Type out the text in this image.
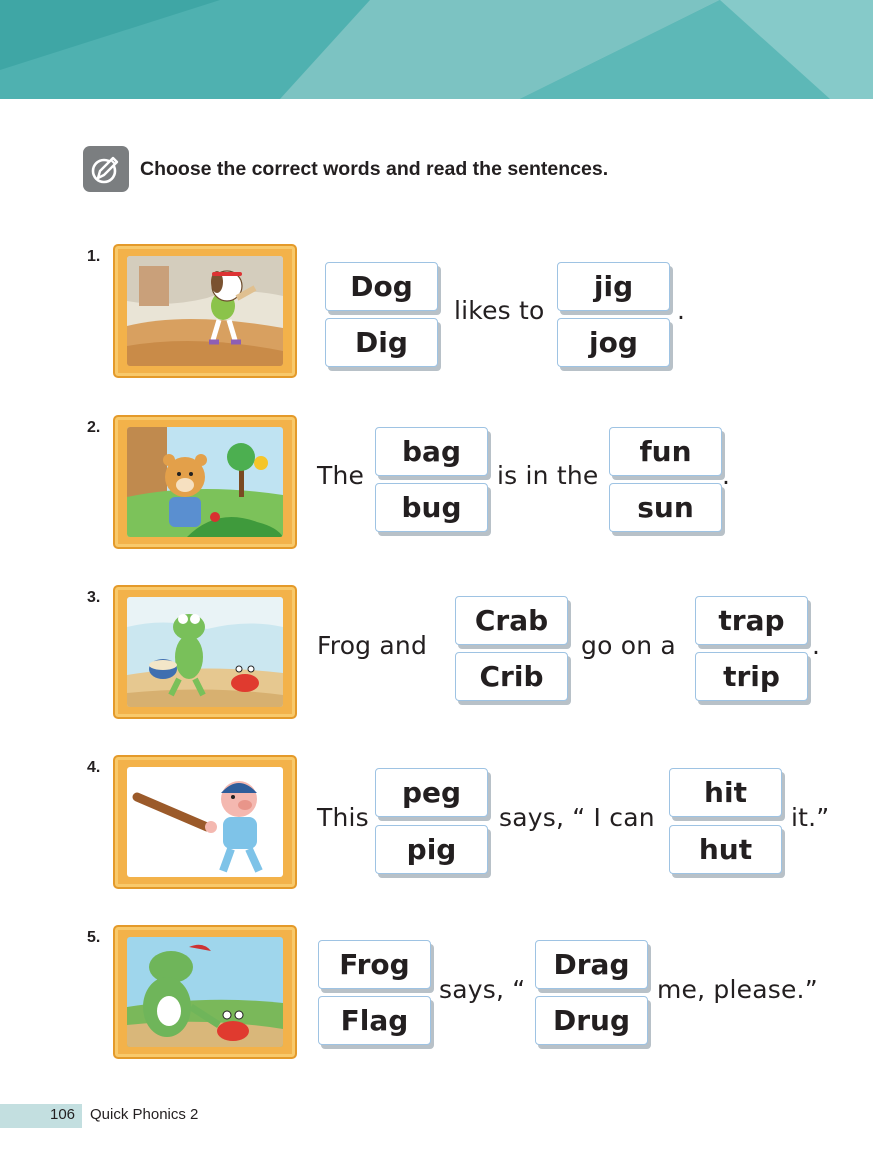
Choose the correct words and read the sentences.
1.
Dog
Dig
likes to
jig
jog
.
2.
The
bag
bug
is in the
fun
sun
.
3.
Frog and
Crab
Crib
go on a
trap
trip
.
4.
This
peg
pig
says, “ I can
hit
hut
it.”
5.
Frog
Flag
says, “
Drag
Drug
me, please.”
106 Quick Phonics 2
